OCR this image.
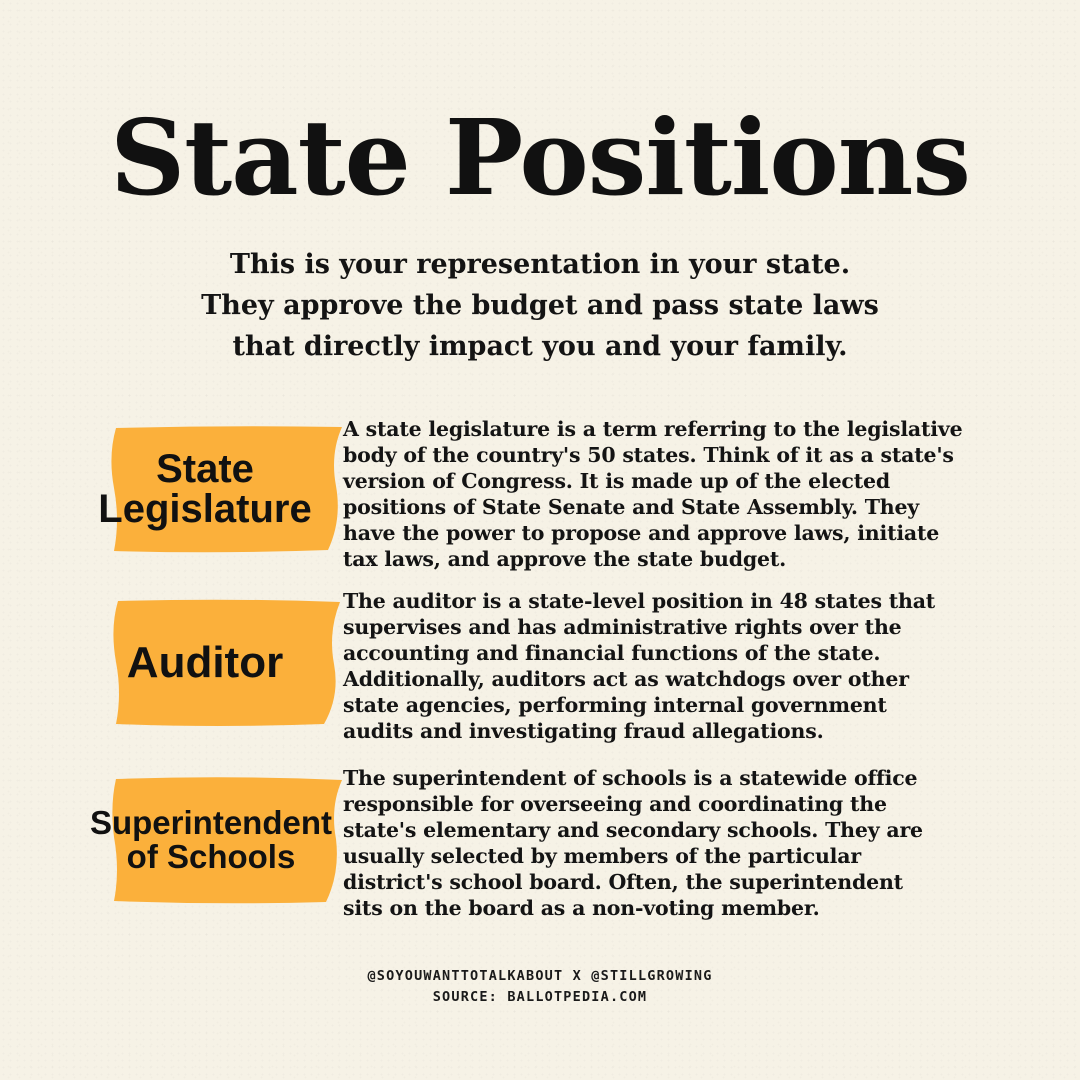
State Positions
This is your representation in your state.
They approve the budget and pass state laws
that directly impact you and your family.
State
Legislature
A state legislature is a term referring to the legislative
body of the country's 50 states. Think of it as a state's
version of Congress. It is made up of the elected
positions of State Senate and State Assembly. They
have the power to propose and approve laws, initiate
tax laws, and approve the state budget.
Auditor
The auditor is a state-level position in 48 states that
supervises and has administrative rights over the
accounting and financial functions of the state.
Additionally, auditors act as watchdogs over other
state agencies, performing internal government
audits and investigating fraud allegations.
Superintendent
of Schools
The superintendent of schools is a statewide office
responsible for overseeing and coordinating the
state's elementary and secondary schools. They are
usually selected by members of the particular
district's school board. Often, the superintendent
sits on the board as a non-voting member.
@SOYOUWANTTOTALKABOUT X @STILLGROWING
SOURCE: BALLOTPEDIA.COM
